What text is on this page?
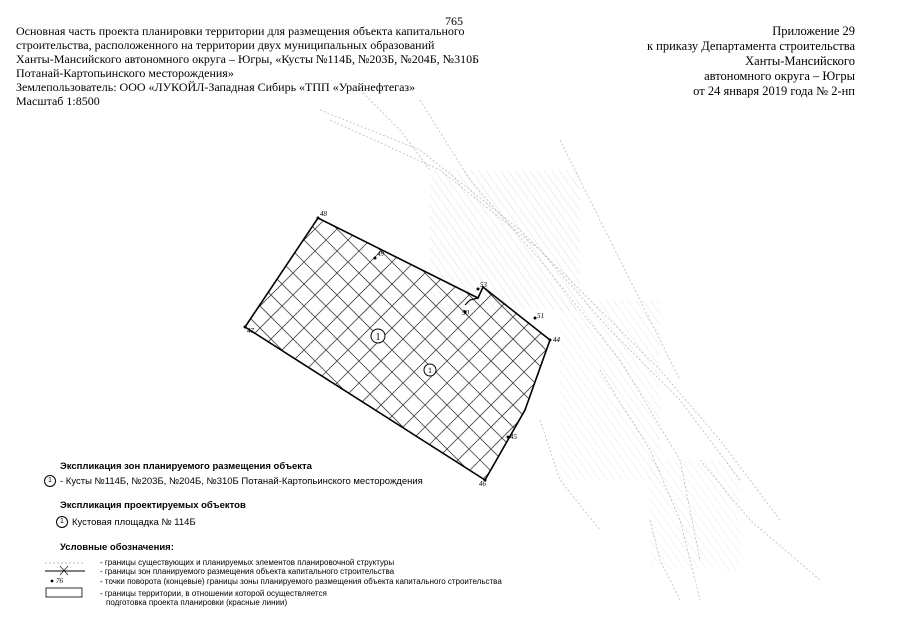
765
Основная часть проекта планировки территории для размещения объекта капитального
строительства, расположенного на территории двух муниципальных образований
Ханты-Мансийского автономного округа – Югры, «Кусты №114Б, №203Б, №204Б, №310Б
Потанай-Картопьинского месторождения»
Землепользователь: ООО «ЛУКОЙЛ-Западная Сибирь «ТПП «Урайнефтегаз»
Масштаб 1:8500
Приложение 29
к приказу Департамента строительства
Ханты-Мансийского
автономного округа – Югры
от 24 января 2019 года № 2-нп
1
1
48
49
53
50	51
44
45
46
47
Экспликация зон планируемого размещения объекта
1 - Кусты №114Б, №203Б, №204Б, №310Б Потанай-Картопьинского месторождения
Экспликация проектируемых объектов
1 Кустовая площадка № 114Б
Условные обозначения:
76
- границы существующих и планируемых элементов планировочной структуры
- границы зон планируемого размещения объекта капитального строительства
- точки поворота (концевые) границы зоны планируемого размещения объекта капитального строительства
- границы территории, в отношении которой осуществляется
подготовка проекта планировки (красные линии)
